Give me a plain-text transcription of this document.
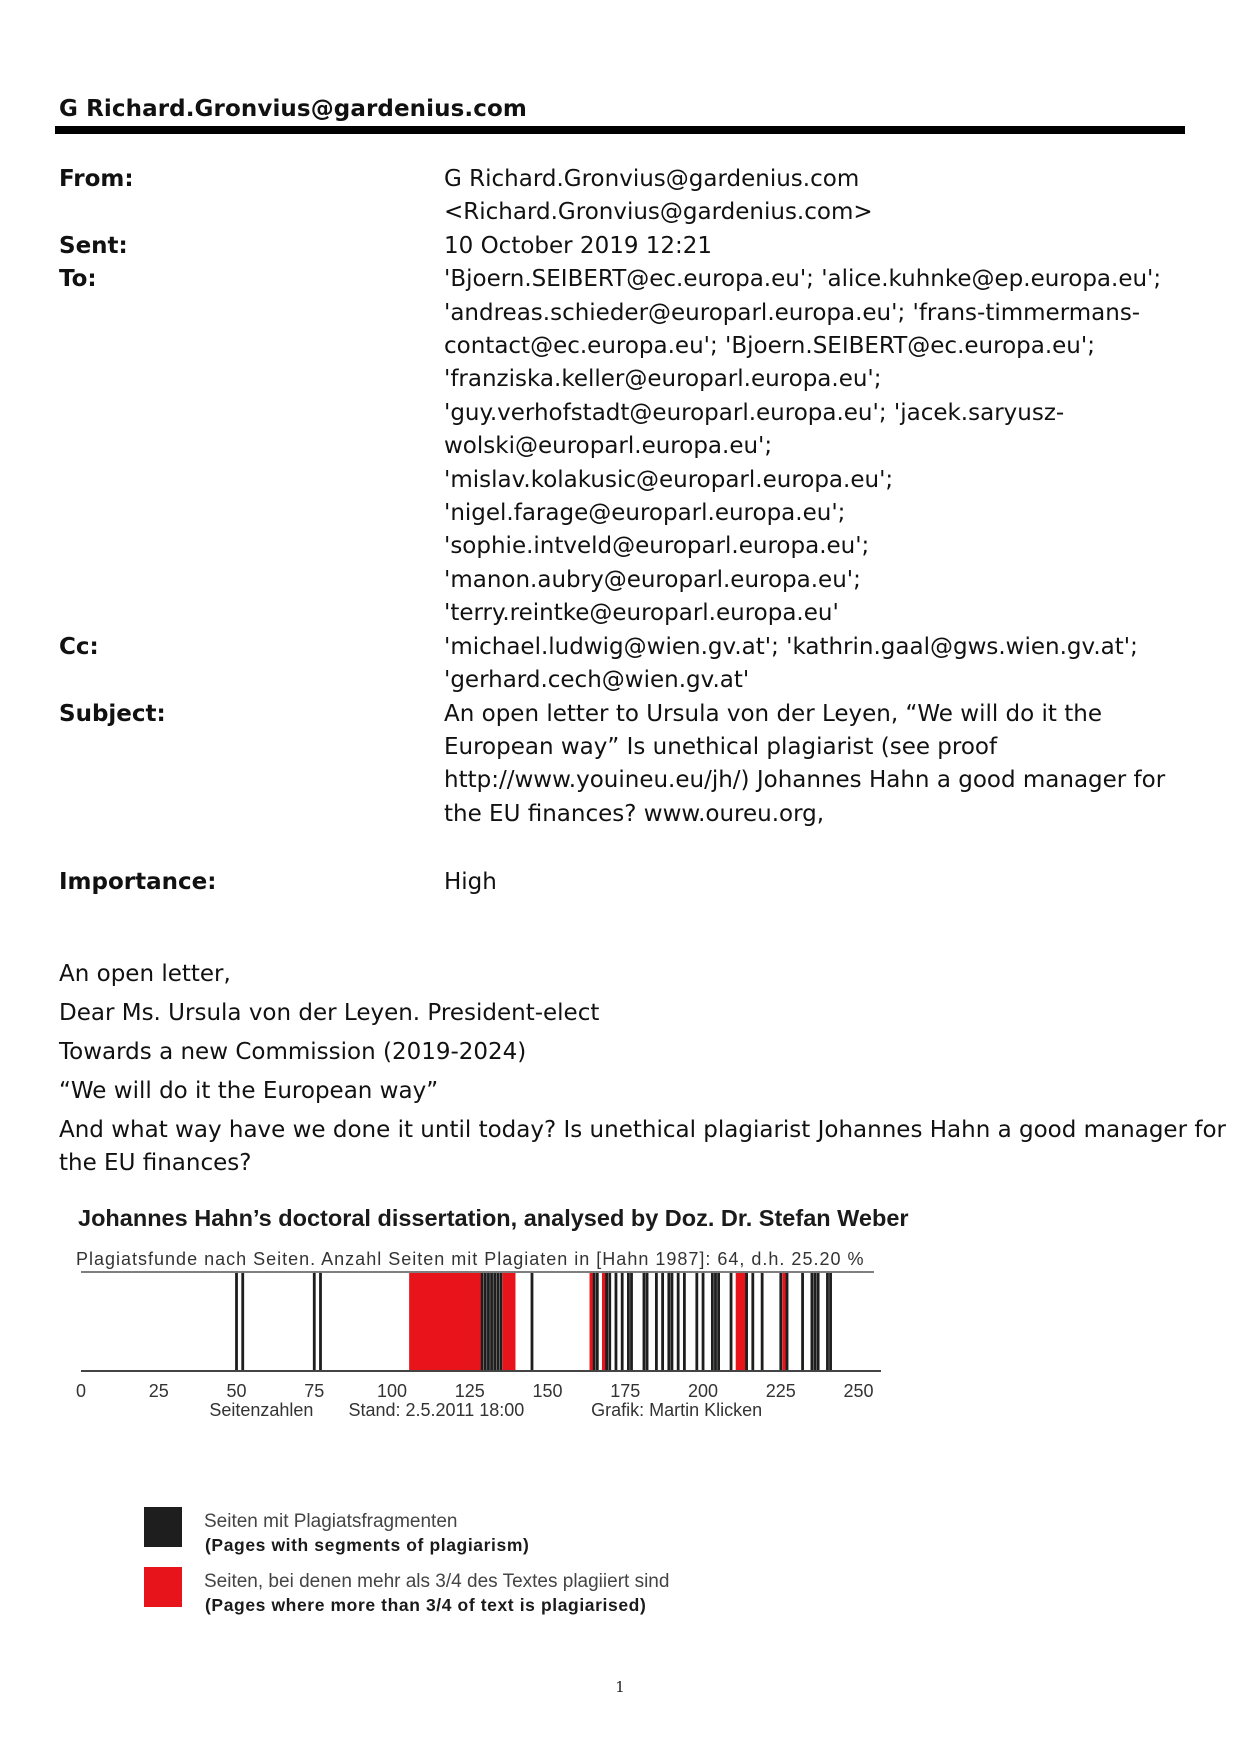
G Richard.Gronvius@gardenius.com
From:	G Richard.Gronvius@gardenius.com
<Richard.Gronvius@gardenius.com>
Sent:	10 October 2019 12:21
To:	'Bjoern.SEIBERT@ec.europa.eu'; 'alice.kuhnke@ep.europa.eu';
'andreas.schieder@europarl.europa.eu'; 'frans-timmermans-
contact@ec.europa.eu'; 'Bjoern.SEIBERT@ec.europa.eu';
'franziska.keller@europarl.europa.eu';
'guy.verhofstadt@europarl.europa.eu'; 'jacek.saryusz-
wolski@europarl.europa.eu';
'mislav.kolakusic@europarl.europa.eu';
'nigel.farage@europarl.europa.eu';
'sophie.intveld@europarl.europa.eu';
'manon.aubry@europarl.europa.eu';
'terry.reintke@europarl.europa.eu'
Cc:	'michael.ludwig@wien.gv.at'; 'kathrin.gaal@gws.wien.gv.at';
'gerhard.cech@wien.gv.at'
Subject:	An open letter to Ursula von der Leyen, “We will do it the
European way” Is unethical plagiarist (see proof
http://www.youineu.eu/jh/) Johannes Hahn a good manager for
the EU finances? www.oureu.org,
Importance:	High
An open letter,
Dear Ms. Ursula von der Leyen. President-elect
Towards a new Commission (2019-2024)
“We will do it the European way”
And what way have we done it until today? Is unethical plagiarist Johannes Hahn a good manager for
the EU finances?
Johannes Hahn’s doctoral dissertation, analysed by Doz. Dr. Stefan Weber
Plagiatsfunde nach Seiten. Anzahl Seiten mit Plagiaten in [Hahn 1987]: 64, d.h. 25.20 %
0	25	50	75	100	125	150	175	200	225	250
Seitenzahlen Stand: 2.5.2011 18:00	Grafik: Martin Klicken
Seiten mit Plagiatsfragmenten
(Pages with segments of plagiarism)
Seiten, bei denen mehr als 3/4 des Textes plagiiert sind
(Pages where more than 3/4 of text is plagiarised)
1
